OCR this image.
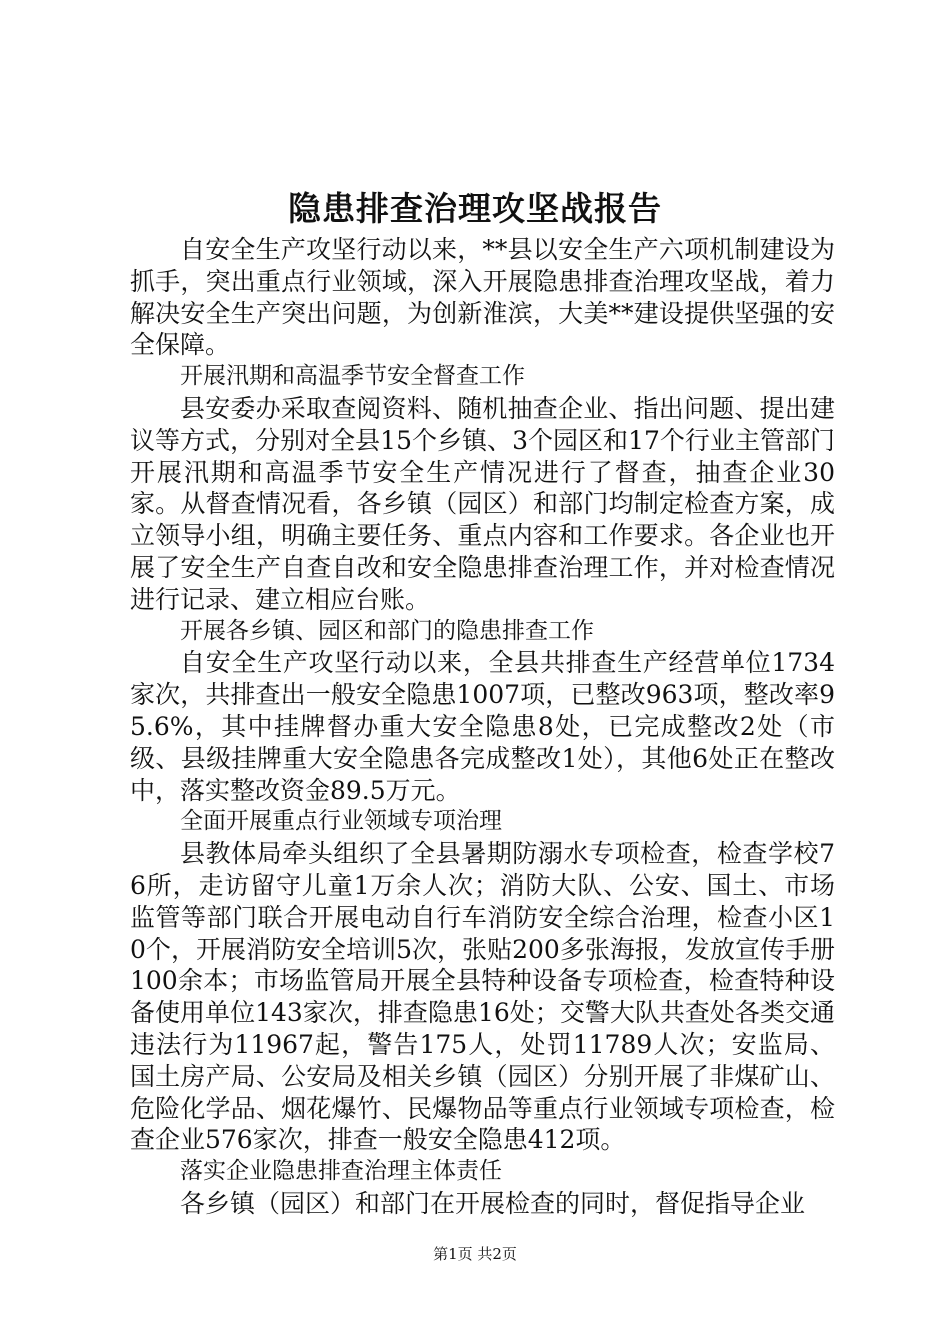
隐患排查治理攻坚战报告

自安全生产攻坚行动以来，**县以安全生产六项机制建设为抓手，突出重点行业领域，深入开展隐患排查治理攻坚战，着力解决安全生产突出问题，为创新淮滨，大美**建设提供坚强的安全保障。

开展汛期和高温季节安全督查工作

县安委办采取查阅资料、随机抽查企业、指出问题、提出建议等方式，分别对全县15个乡镇、3个园区和17个行业主管部门开展汛期和高温季节安全生产情况进行了督查，抽查企业30家。从督查情况看，各乡镇（园区）和部门均制定检查方案，成立领导小组，明确主要任务、重点内容和工作要求。各企业也开展了安全生产自查自改和安全隐患排查治理工作，并对检查情况进行记录、建立相应台账。

开展各乡镇、园区和部门的隐患排查工作

自安全生产攻坚行动以来，全县共排查生产经营单位1734家次，共排查出一般安全隐患1007项，已整改963项，整改率95.6%，其中挂牌督办重大安全隐患8处，已完成整改2处（市级、县级挂牌重大安全隐患各完成整改1处），其他6处正在整改中，落实整改资金89.5万元。

全面开展重点行业领域专项治理

县教体局牵头组织了全县暑期防溺水专项检查，检查学校76所，走访留守儿童1万余人次；消防大队、公安、国土、市场监管等部门联合开展电动自行车消防安全综合治理，检查小区10个，开展消防安全培训5次，张贴200多张海报，发放宣传手册100余本；市场监管局开展全县特种设备专项检查，检查特种设备使用单位143家次，排查隐患16处；交警大队共查处各类交通违法行为11967起，警告175人，处罚11789人次；安监局、国土房产局、公安局及相关乡镇（园区）分别开展了非煤矿山、危险化学品、烟花爆竹、民爆物品等重点行业领域专项检查，检查企业576家次，排查一般安全隐患412项。

落实企业隐患排查治理主体责任

各乡镇（园区）和部门在开展检查的同时，督促指导企业

第1页 共2页
